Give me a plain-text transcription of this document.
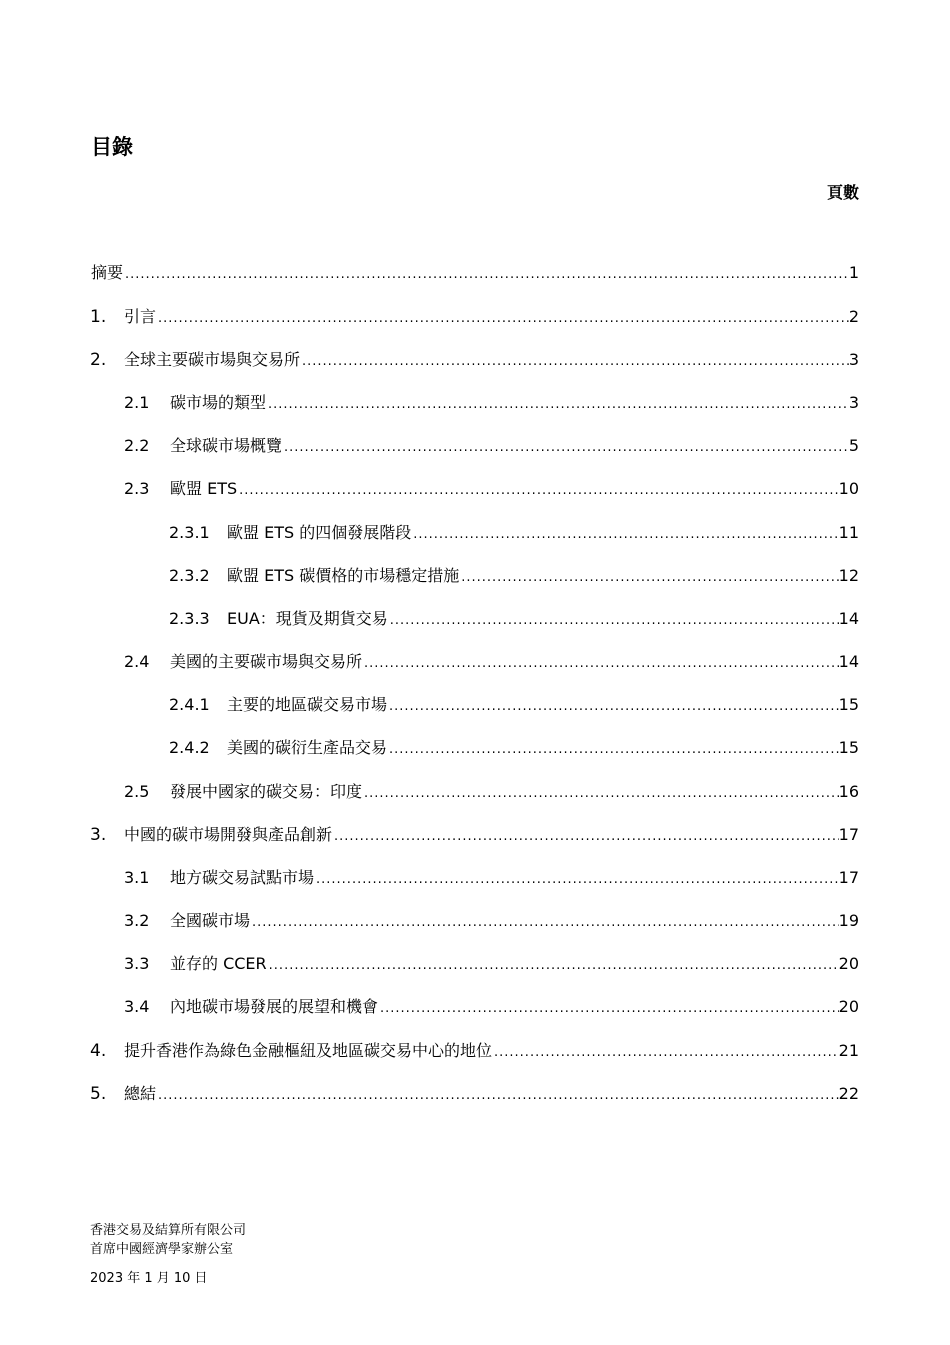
目錄
頁數
摘要 .....	1
1.	引言 .....	2
2.	全球主要碳市場與交易所 .....	3
2.1	碳市場的類型 .....	3
2.2	全球碳市場概覽 .....	5
2.3	歐盟 ETS .....	10
2.3.1	歐盟 ETS 的四個發展階段 .....	11
2.3.2	歐盟 ETS 碳價格的市場穩定措施 .....	12
2.3.3	EUA：現貨及期貨交易 .....	14
2.4	美國的主要碳市場與交易所 .....	14
2.4.1	主要的地區碳交易市場 .....	15
2.4.2	美國的碳衍生產品交易 .....	15
2.5	發展中國家的碳交易：印度 .....	16
3.	中國的碳市場開發與產品創新 .....	17
3.1	地方碳交易試點市場 .....	17
3.2	全國碳市場 .....	19
3.3	並存的 CCER .....	20
3.4	內地碳市場發展的展望和機會 .....	20
4.	提升香港作為綠色金融樞紐及地區碳交易中心的地位 .....	21
5.	總結 .....	22
香港交易及結算所有限公司
首席中國經濟學家辦公室
2023 年 1 月 10 日
